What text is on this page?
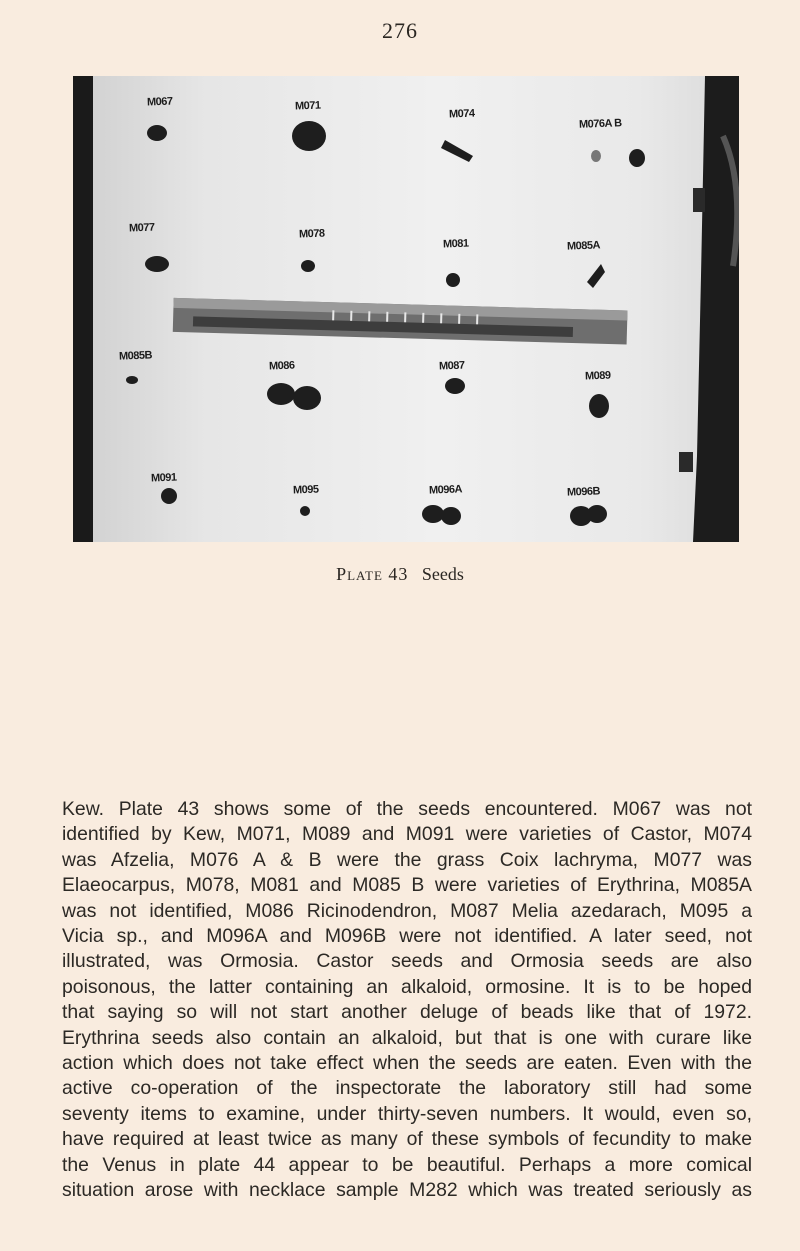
276
M067	M071
M074
M076A B
M077	M078
M081	M085A
M085B
M086	M087
M089
M091
M095	M096A	M096B
Plate 43 Seeds
Kew. Plate 43 shows some of the seeds encountered. M067 was not
identified by Kew, M071, M089 and M091 were varieties of Castor, M074
was Afzelia, M076 A & B were the grass Coix lachryma, M077 was
Elaeocarpus, M078, M081 and M085 B were varieties of Erythrina, M085A
was not identified, M086 Ricinodendron, M087 Melia azedarach, M095 a
Vicia sp., and M096A and M096B were not identified. A later seed, not
illustrated, was Ormosia. Castor seeds and Ormosia seeds are also
poisonous, the latter containing an alkaloid, ormosine. It is to be hoped
that saying so will not start another deluge of beads like that of 1972.
Erythrina seeds also contain an alkaloid, but that is one with curare like
action which does not take effect when the seeds are eaten. Even with the
active co-operation of the inspectorate the laboratory still had some
seventy items to examine, under thirty-seven numbers. It would, even so,
have required at least twice as many of these symbols of fecundity to make
the Venus in plate 44 appear to be beautiful. Perhaps a more comical
situation arose with necklace sample M282 which was treated seriously as
